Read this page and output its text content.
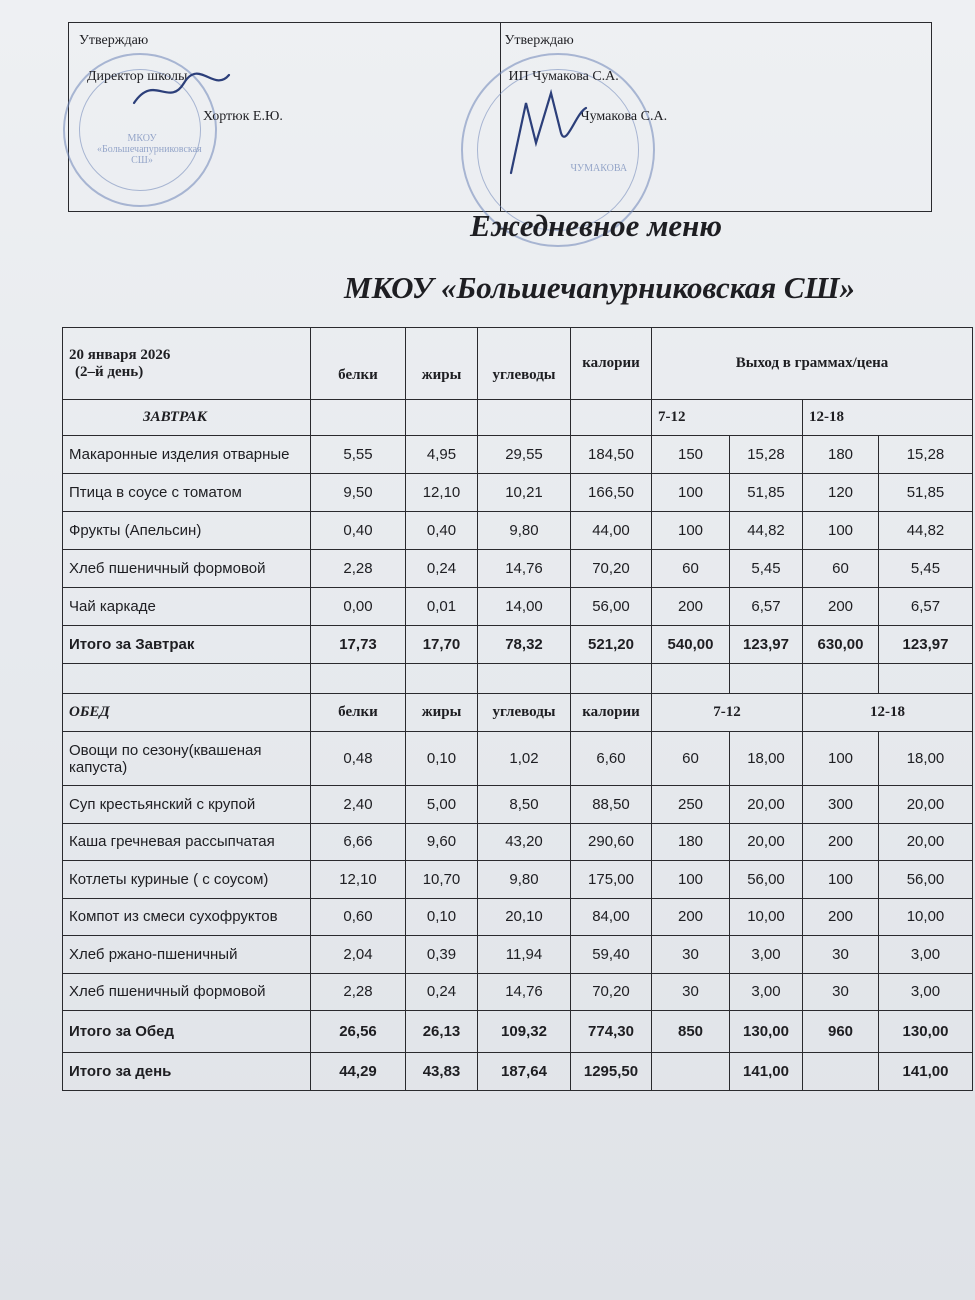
МКОУ «Большечапурниковская СШ»
Утверждаю
Директор школы
Хортюк Е.Ю.
ЧУМАКОВА
Утверждаю
ИП Чумакова С.А.
Чумакова С.А.
Ежедневное меню
МКОУ «Большечапурниковская СШ»
20 января 2026
(2–й день)	белки	жиры	углеводы	калории	Выход в граммах/цена			
ЗАВТРАК					7-12		12-18	
Макаронные изделия отварные	5,55	4,95	29,55	184,50	150	15,28	180	15,28
Птица в соусе с томатом	9,50	12,10	10,21	166,50	100	51,85	120	51,85
Фрукты (Апельсин)	0,40	0,40	9,80	44,00	100	44,82	100	44,82
Хлеб пшеничный формовой	2,28	0,24	14,76	70,20	60	5,45	60	5,45
Чай каркаде	0,00	0,01	14,00	56,00	200	6,57	200	6,57
Итого за Завтрак	17,73	17,70	78,32	521,20	540,00	123,97	630,00	123,97

ОБЕД	белки	жиры	углеводы	калории	7-12		12-18	
Овощи по сезону(квашеная капуста)	0,48	0,10	1,02	6,60	60	18,00	100	18,00
Суп крестьянский с крупой	2,40	5,00	8,50	88,50	250	20,00	300	20,00
Каша гречневая рассыпчатая	6,66	9,60	43,20	290,60	180	20,00	200	20,00
Котлеты куриные ( с соусом)	12,10	10,70	9,80	175,00	100	56,00	100	56,00
Компот из смеси сухофруктов	0,60	0,10	20,10	84,00	200	10,00	200	10,00
Хлеб ржано-пшеничный	2,04	0,39	11,94	59,40	30	3,00	30	3,00
Хлеб пшеничный формовой	2,28	0,24	14,76	70,20	30	3,00	30	3,00
Итого за Обед	26,56	26,13	109,32	774,30	850	130,00	960	130,00
Итого за день	44,29	43,83	187,64	1295,50		141,00		141,00
